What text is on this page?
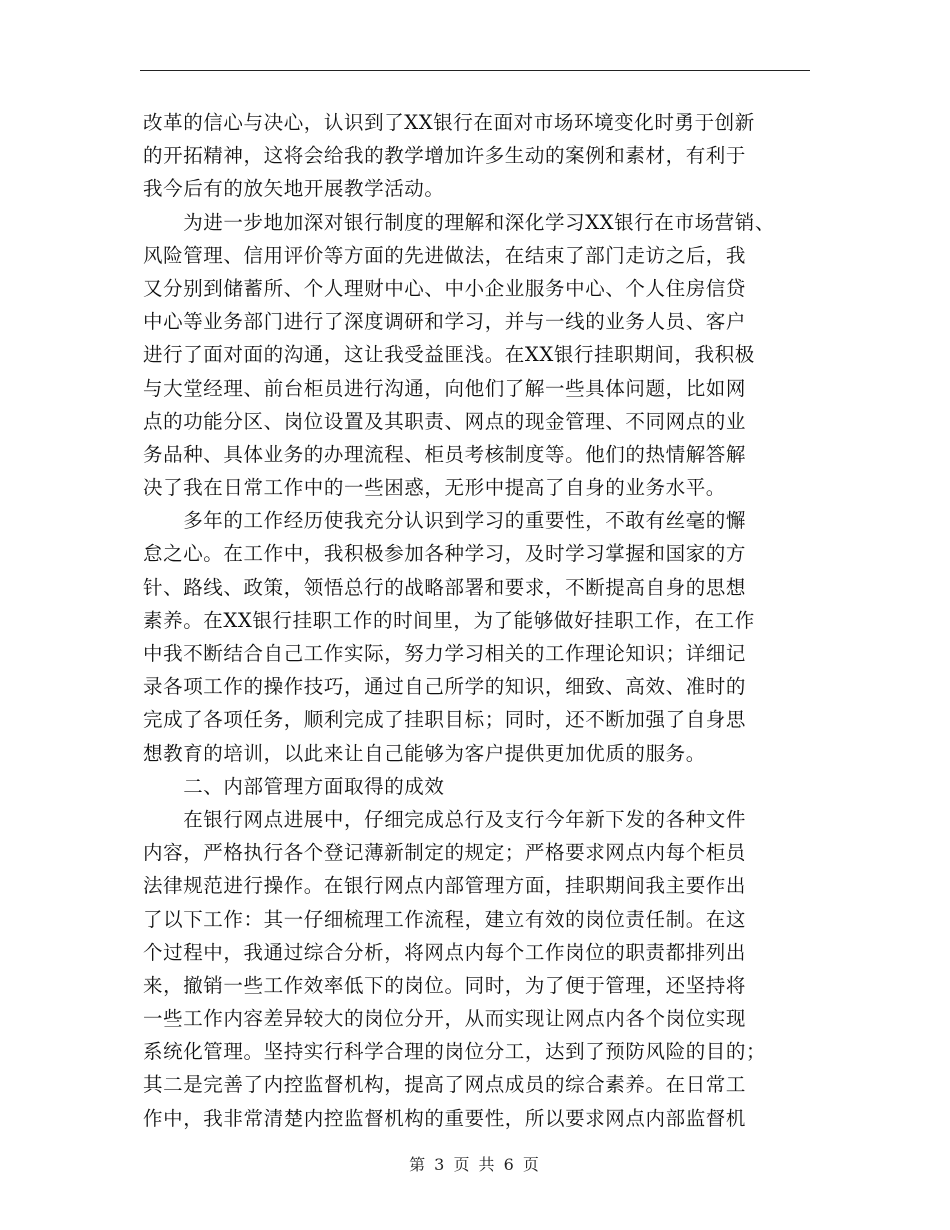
改革的信心与决心，认识到了XX银行在面对市场环境变化时勇于创新
的开拓精神，这将会给我的教学增加许多生动的案例和素材，有利于
我今后有的放矢地开展教学活动。
　　为进一步地加深对银行制度的理解和深化学习XX银行在市场营销、
风险管理、信用评价等方面的先进做法，在结束了部门走访之后，我
又分别到储蓄所、个人理财中心、中小企业服务中心、个人住房信贷
中心等业务部门进行了深度调研和学习，并与一线的业务人员、客户
进行了面对面的沟通，这让我受益匪浅。在XX银行挂职期间，我积极
与大堂经理、前台柜员进行沟通，向他们了解一些具体问题，比如网
点的功能分区、岗位设置及其职责、网点的现金管理、不同网点的业
务品种、具体业务的办理流程、柜员考核制度等。他们的热情解答解
决了我在日常工作中的一些困惑，无形中提高了自身的业务水平。
　　多年的工作经历使我充分认识到学习的重要性，不敢有丝毫的懈
怠之心。在工作中，我积极参加各种学习，及时学习掌握和国家的方
针、路线、政策，领悟总行的战略部署和要求，不断提高自身的思想
素养。在XX银行挂职工作的时间里，为了能够做好挂职工作，在工作
中我不断结合自己工作实际，努力学习相关的工作理论知识；详细记
录各项工作的操作技巧，通过自己所学的知识，细致、高效、准时的
完成了各项任务，顺利完成了挂职目标；同时，还不断加强了自身思
想教育的培训，以此来让自己能够为客户提供更加优质的服务。
　　二、内部管理方面取得的成效
　　在银行网点进展中，仔细完成总行及支行今年新下发的各种文件
内容，严格执行各个登记薄新制定的规定；严格要求网点内每个柜员
法律规范进行操作。在银行网点内部管理方面，挂职期间我主要作出
了以下工作：其一仔细梳理工作流程，建立有效的岗位责任制。在这
个过程中，我通过综合分析，将网点内每个工作岗位的职责都排列出
来，撤销一些工作效率低下的岗位。同时，为了便于管理，还坚持将
一些工作内容差异较大的岗位分开，从而实现让网点内各个岗位实现
系统化管理。坚持实行科学合理的岗位分工，达到了预防风险的目的；
其二是完善了内控监督机构，提高了网点成员的综合素养。在日常工
作中，我非常清楚内控监督机构的重要性，所以要求网点内部监督机
第 3 页 共 6 页
